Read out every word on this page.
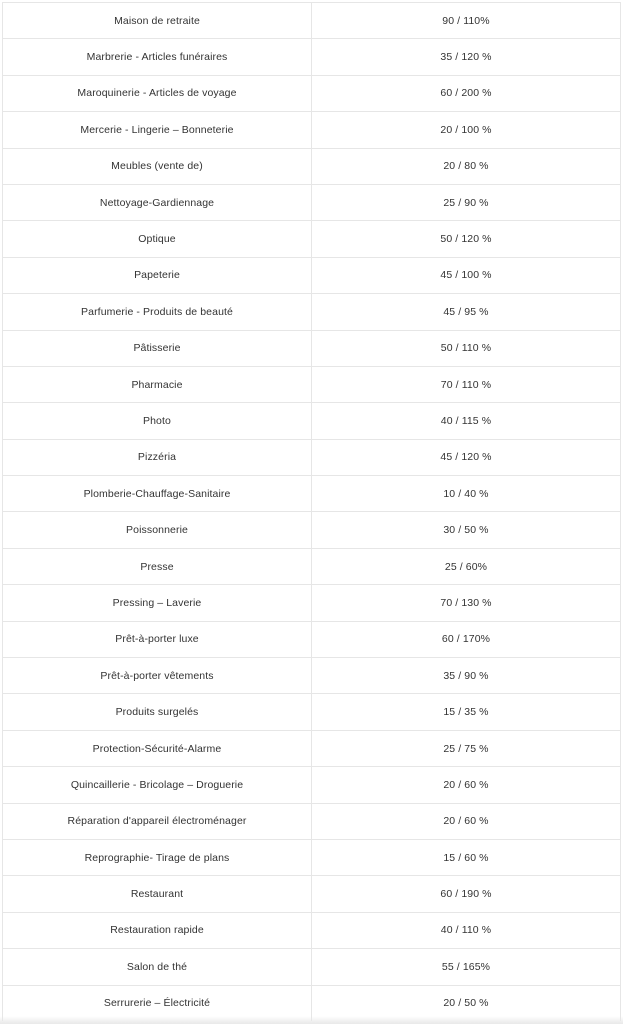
Maison de retraite	90 / 110%
Marbrerie - Articles funéraires	35 / 120 %
Maroquinerie - Articles de voyage	60 / 200 %
Mercerie - Lingerie – Bonneterie	20 / 100 %
Meubles (vente de)	20 / 80 %
Nettoyage-Gardiennage	25 / 90 %
Optique	50 / 120 %
Papeterie	45 / 100 %
Parfumerie - Produits de beauté	45 / 95 %
Pâtisserie	50 / 110 %
Pharmacie	70 / 110 %
Photo	40 / 115 %
Pizzéria	45 / 120 %
Plomberie-Chauffage-Sanitaire	10 / 40 %
Poissonnerie	30 / 50 %
Presse	25 / 60%
Pressing – Laverie	70 / 130 %
Prêt-à-porter luxe	60 / 170%
Prêt-à-porter vêtements	35 / 90 %
Produits surgelés	15 / 35 %
Protection-Sécurité-Alarme	25 / 75 %
Quincaillerie - Bricolage – Droguerie	20 / 60 %
Réparation d'appareil électroménager	20 / 60 %
Reprographie- Tirage de plans	15 / 60 %
Restaurant	60 / 190 %
Restauration rapide	40 / 110 %
Salon de thé	55 / 165%
Serrurerie – Électricité	20 / 50 %
